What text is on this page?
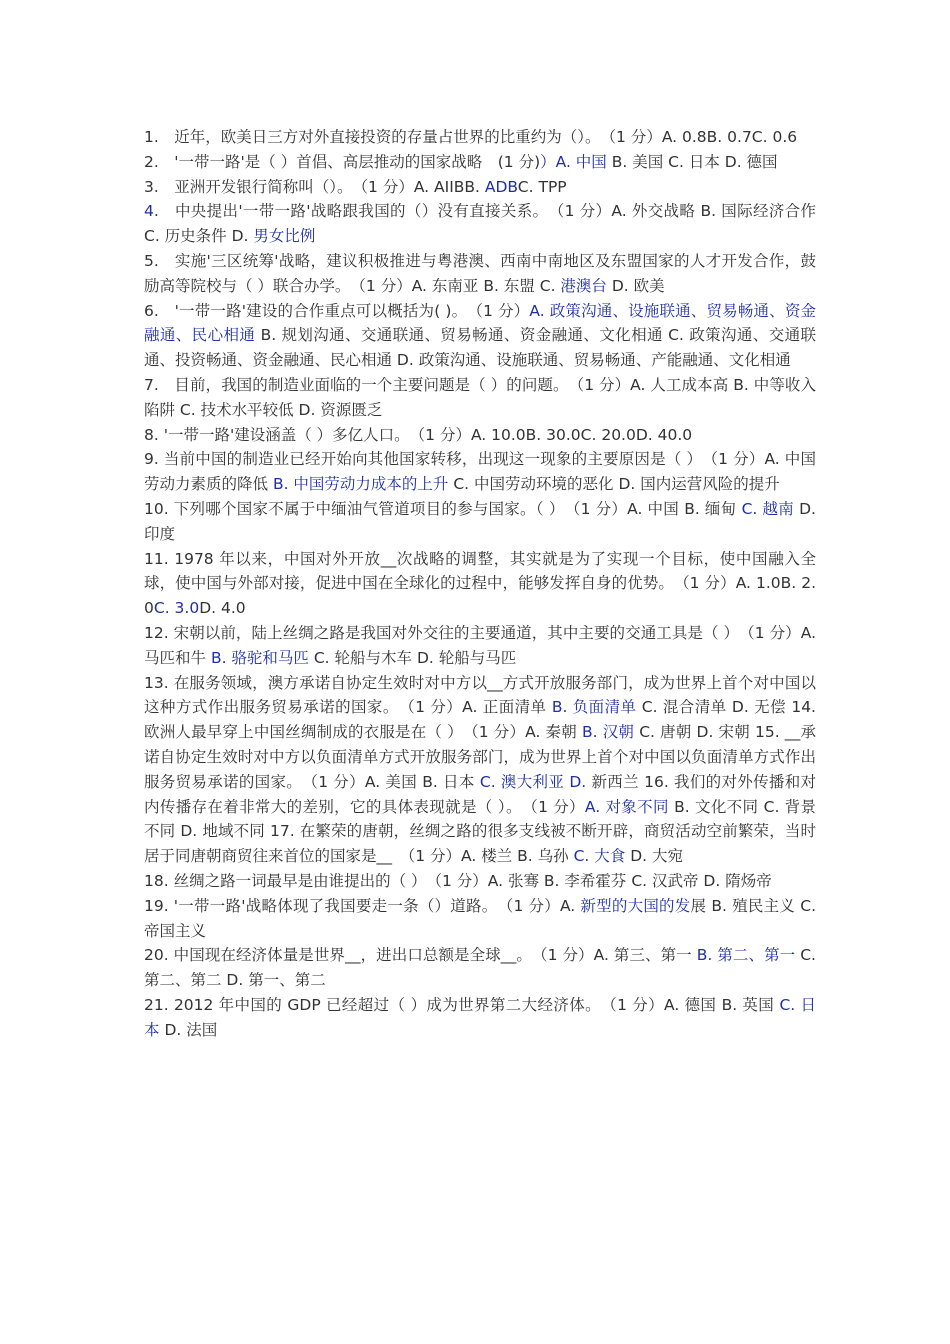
1.　近年，欧美日三方对外直接投资的存量占世界的比重约为（）。　（1 分）A. 0.8B. 0.7C. 0.6

2.　'一带一路'是（ ）首倡、高层推动的国家战略　(1 分)）A. 中国 B. 美国 C. 日本 D. 德国

3.　亚洲开发银行简称叫（）。　（1 分）A. AIIBB. ADBC. TPP

4.　中央提出'一带一路'战略跟我国的（）没有直接关系。　（1 分）A. 外交战略 B. 国际经济合作 C. 历史条件 D. 男女比例

5.　实施'三区统筹'战略，建议积极推进与粤港澳、西南中南地区及东盟国家的人才开发合作，鼓励高等院校与（ ）联合办学。　（1 分）A. 东南亚 B. 东盟 C. 港澳台 D. 欧美

6.　'一带一路'建设的合作重点可以概括为( )。　（1 分）A. 政策沟通、设施联通、贸易畅通、资金融通、民心相通 B. 规划沟通、交通联通、贸易畅通、资金融通、文化相通 C. 政策沟通、交通联通、投资畅通、资金融通、民心相通 D. 政策沟通、设施联通、贸易畅通、产能融通、文化相通

7.　目前，我国的制造业面临的一个主要问题是（ ）的问题。　（1 分）A. 人工成本高 B. 中等收入陷阱 C. 技术水平较低 D. 资源匮乏

8. '一带一路'建设涵盖（ ）多亿人口。　（1 分）A. 10.0B. 30.0C. 20.0D. 40.0

9. 当前中国的制造业已经开始向其他国家转移，出现这一现象的主要原因是（ ）　（1 分）A. 中国劳动力素质的降低 B. 中国劳动力成本的上升 C. 中国劳动环境的恶化 D. 国内运营风险的提升

10. 下列哪个国家不属于中缅油气管道项目的参与国家。（ ）　（1 分）A. 中国 B. 缅甸 C. 越南 D. 印度

11. 1978 年以来，中国对外开放__次战略的调整，其实就是为了实现一个目标，使中国融入全球，使中国与外部对接，促进中国在全球化的过程中，能够发挥自身的优势。　（1 分）A. 1.0B. 2.0C. 3.0D. 4.0

12. 宋朝以前，陆上丝绸之路是我国对外交往的主要通道，其中主要的交通工具是（ ）　（1 分）A. 马匹和牛 B. 骆驼和马匹 C. 轮船与木车 D. 轮船与马匹

13. 在服务领域，澳方承诺自协定生效时对中方以__方式开放服务部门，成为世界上首个对中国以这种方式作出服务贸易承诺的国家。　（1 分）A. 正面清单 B. 负面清单 C. 混合清单 D. 无偿 14. 欧洲人最早穿上中国丝绸制成的衣服是在（ ）　（1 分）A. 秦朝 B. 汉朝 C. 唐朝 D. 宋朝 15. __承诺自协定生效时对中方以负面清单方式开放服务部门，成为世界上首个对中国以负面清单方式作出服务贸易承诺的国家。　（1 分）A. 美国 B. 日本 C. 澳大利亚 D. 新西兰 16. 我们的对外传播和对内传播存在着非常大的差别，它的具体表现就是（ ）。　（1 分）A. 对象不同 B. 文化不同 C. 背景不同 D. 地域不同 17. 在繁荣的唐朝，丝绸之路的很多支线被不断开辟，商贸活动空前繁荣，当时居于同唐朝商贸往来首位的国家是__　（1 分）A. 楼兰 B. 乌孙 C. 大食 D. 大宛

18. 丝绸之路一词最早是由谁提出的（ ）　（1 分）A. 张骞 B. 李希霍芬 C. 汉武帝 D. 隋炀帝

19. '一带一路'战略体现了我国要走一条（）道路。　（1 分）A. 新型的大国的发展 B. 殖民主义 C. 帝国主义

20. 中国现在经济体量是世界__，进出口总额是全球__。　（1 分）A. 第三、第一 B. 第二、第一 C. 第二、第二 D. 第一、第二

21. 2012 年中国的 GDP 已经超过（ ）成为世界第二大经济体。　（1 分）A. 德国 B. 英国 C. 日本 D. 法国
